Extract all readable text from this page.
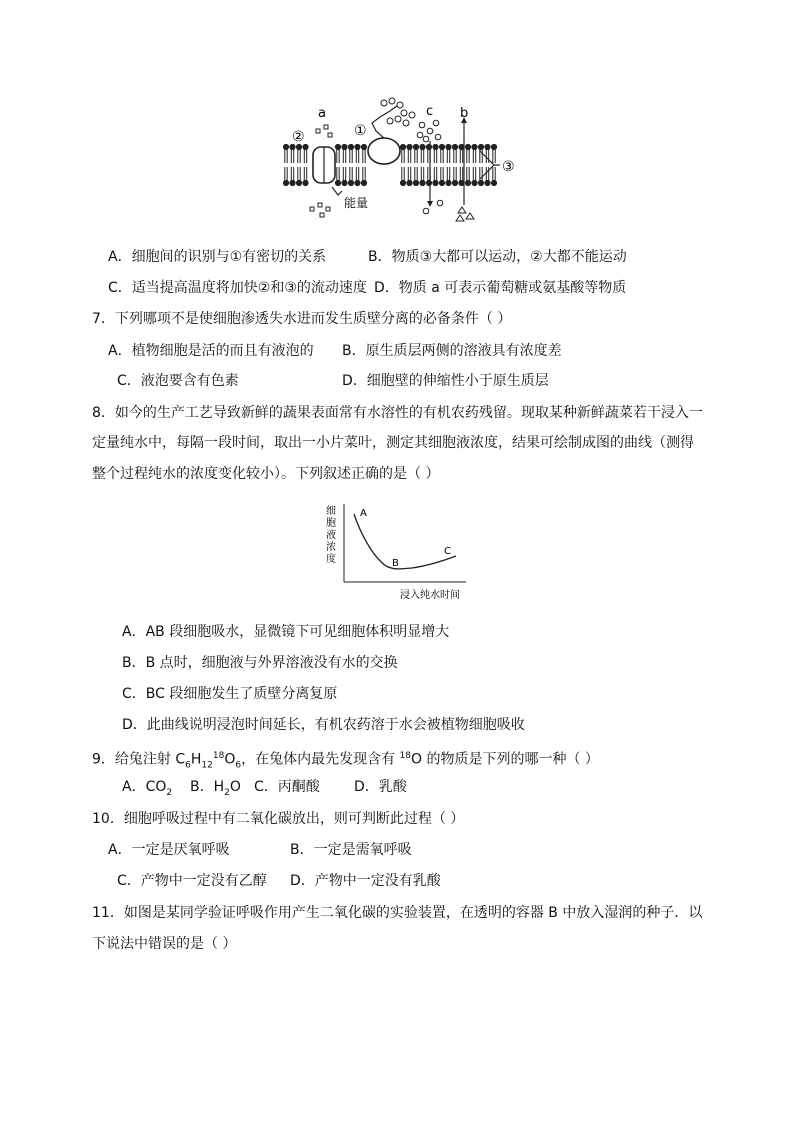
a	c b
②	①
③
能量
A．细胞间的识别与①有密切的关系	B．物质③大都可以运动，②大都不能运动
C．适当提高温度将加快②和③的流动速度 D．物质 a 可表示葡萄糖或氨基酸等物质
7．下列哪项不是使细胞渗透失水进而发生质壁分离的必备条件（ ）
A．植物细胞是活的而且有液泡的 B．原生质层两侧的溶液具有浓度差
C．液泡要含有色素	D．细胞壁的伸缩性小于原生质层
8．如今的生产工艺导致新鲜的蔬果表面常有水溶性的有机农药残留。现取某种新鲜蔬菜若干浸入一
定量纯水中，每隔一段时间，取出一小片菜叶，测定其细胞液浓度，结果可绘制成图的曲线（测得
整个过程纯水的浓度变化较小）。下列叙述正确的是（ ）
细
胞
液
浓
度
A
B
C
浸入纯水时间
A．AB 段细胞吸水，显微镜下可见细胞体积明显增大
B．B 点时，细胞液与外界溶液没有水的交换
C．BC 段细胞发生了质壁分离复原
D．此曲线说明浸泡时间延长，有机农药溶于水会被植物细胞吸收
9．给兔注射 $C_6H_{12}^{18}O_6$，在兔体内最先发现含有 $^{18}$O 的物质是下列的哪一种（ ）
A．$CO_2$ B．$H_2O$ C．丙酮酸 D．乳酸
10．细胞呼吸过程中有二氧化碳放出，则可判断此过程（ ）
A．一定是厌氧呼吸	B．一定是需氧呼吸
C．产物中一定没有乙醇 D．产物中一定没有乳酸
11．如图是某同学验证呼吸作用产生二氧化碳的实验装置，在透明的容器 B 中放入湿润的种子．以
下说法中错误的是（ ）
